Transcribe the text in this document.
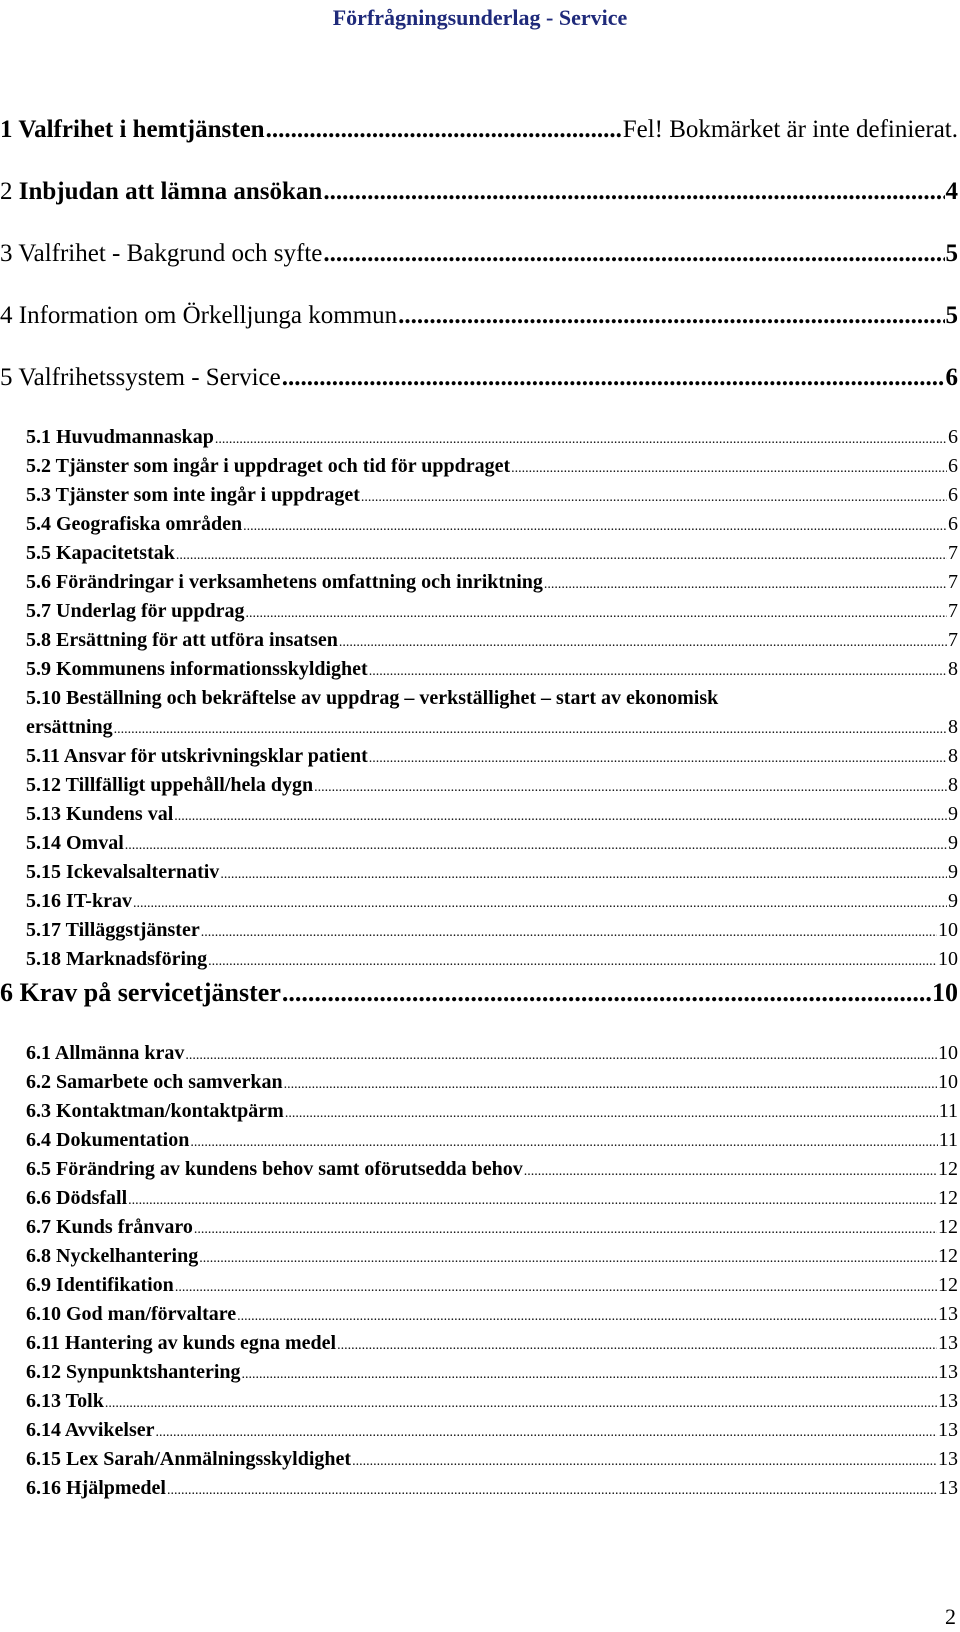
Förfrågningsunderlag - Service
1 Valfrihet i hemtjänsten .....	Fel! Bokmärket är inte definierat.
2 Inbjudan att lämna ansökan .....	4
3 Valfrihet - Bakgrund och syfte .....	5
4 Information om Örkelljunga kommun .....	5
5 Valfrihetssystem - Service .....	6
5.1 Huvudmannaskap .....	6
5.2 Tjänster som ingår i uppdraget och tid för uppdraget .....	6
5.3 Tjänster som inte ingår i uppdraget .....	6
5.4 Geografiska områden .....	6
5.5 Kapacitetstak .....	7
5.6 Förändringar i verksamhetens omfattning och inriktning .....	7
5.7 Underlag för uppdrag .....	7
5.8 Ersättning för att utföra insatsen .....	7
5.9 Kommunens informationsskyldighet .....	8
5.10 Beställning och bekräftelse av uppdrag – verkställighet – start av ekonomisk
ersättning .....	8
5.11 Ansvar för utskrivningsklar patient .....	8
5.12 Tillfälligt uppehåll/hela dygn .....	8
5.13 Kundens val .....	9
5.14 Omval .....	9
5.15 Ickevalsalternativ .....	9
5.16 IT-krav .....	9
5.17 Tilläggstjänster .....	10
5.18 Marknadsföring .....	10
6 Krav på servicetjänster .....	10
6.1 Allmänna krav .....	10
6.2 Samarbete och samverkan .....	10
6.3 Kontaktman/kontaktpärm .....	11
6.4 Dokumentation .....	11
6.5 Förändring av kundens behov samt oförutsedda behov .....	12
6.6 Dödsfall .....	12
6.7 Kunds frånvaro .....	12
6.8 Nyckelhantering .....	12
6.9 Identifikation .....	12
6.10 God man/förvaltare .....	13
6.11 Hantering av kunds egna medel .....	13
6.12 Synpunktshantering .....	13
6.13 Tolk .....	13
6.14 Avvikelser .....	13
6.15 Lex Sarah/Anmälningsskyldighet .....	13
6.16 Hjälpmedel .....	13
2
